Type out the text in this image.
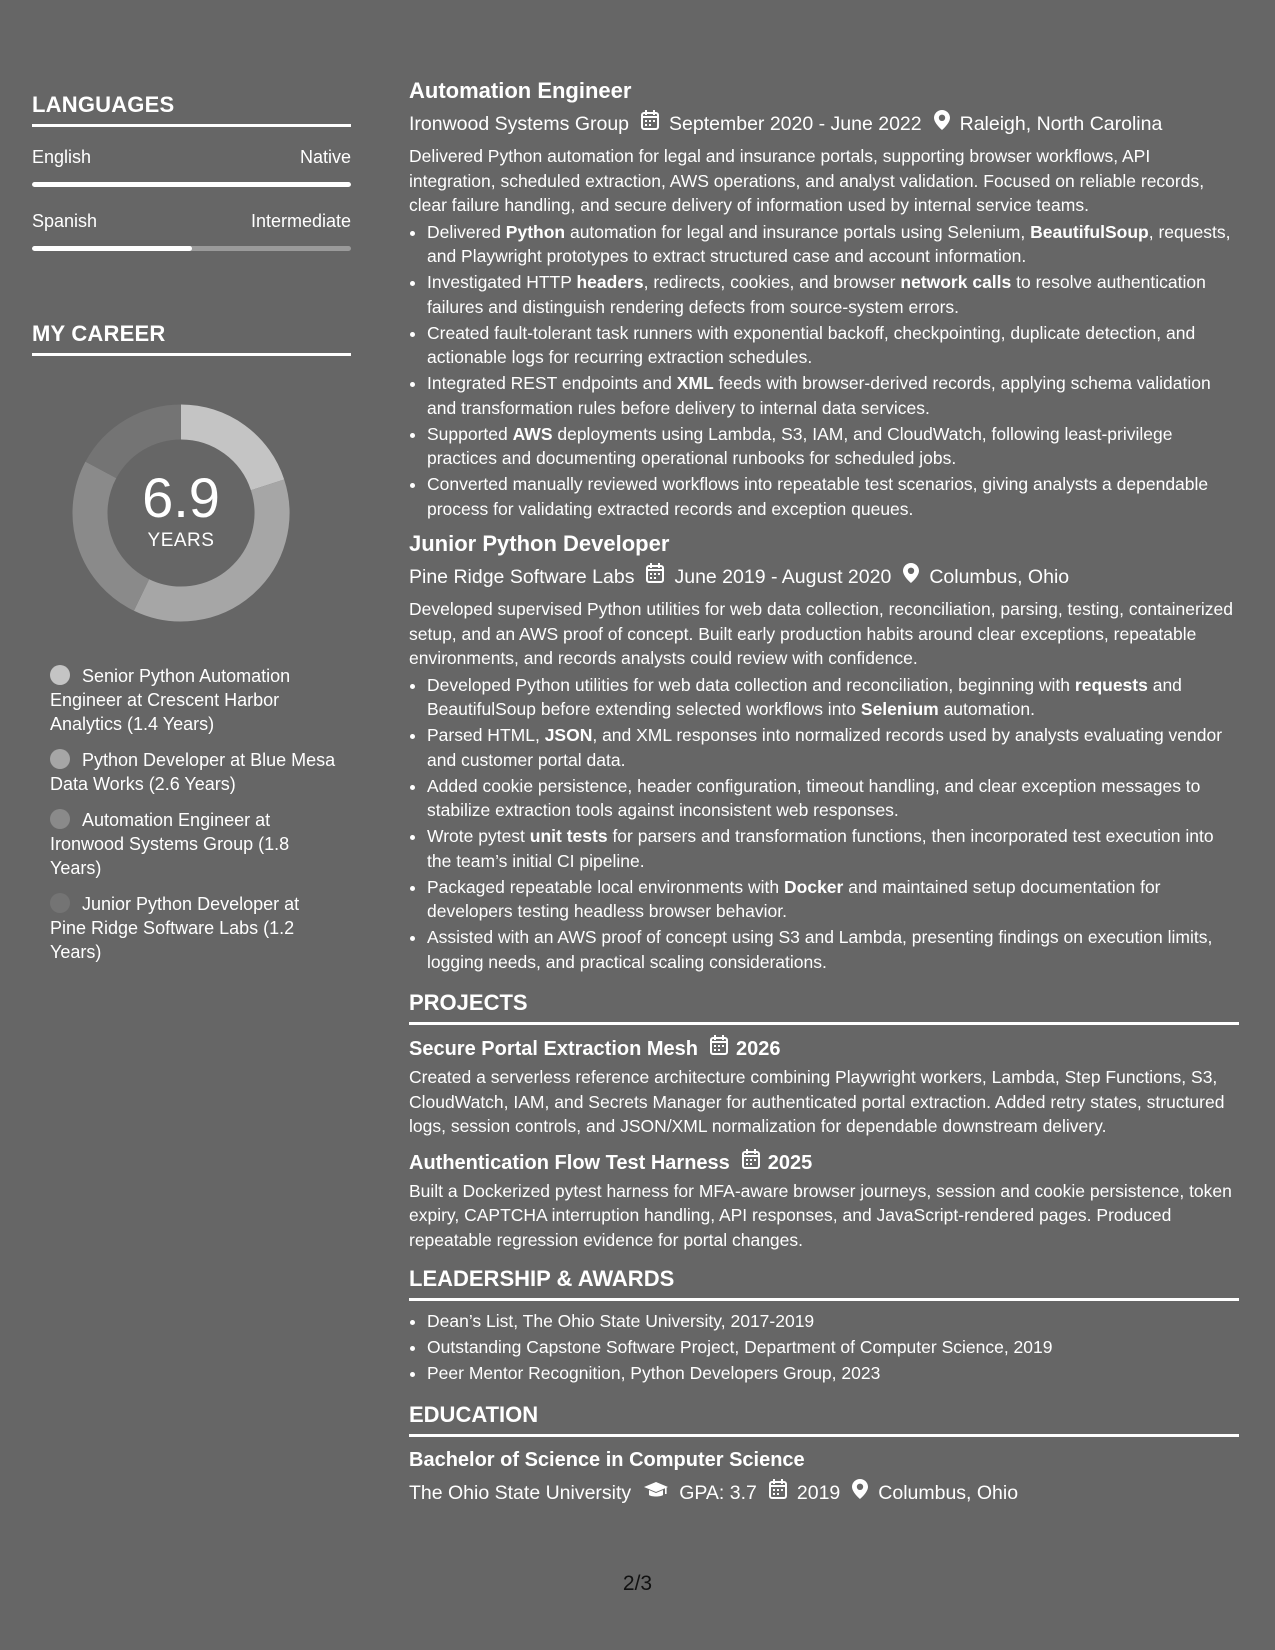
LANGUAGES
English	Native
Spanish	Intermediate
MY CAREER
6.9
YEARS
Senior Python Automation Engineer at Crescent Harbor Analytics (1.4 Years)
Python Developer at Blue Mesa Data Works (2.6 Years)
Automation Engineer at Ironwood Systems Group (1.8 Years)
Junior Python Developer at Pine Ridge Software Labs (1.2 Years)
Automation Engineer
Ironwood Systems Group September 2020 - June 2022 Raleigh, North Carolina

Delivered Python automation for legal and insurance portals, supporting browser workflows, API integration, scheduled extraction, AWS operations, and analyst validation. Focused on reliable records, clear failure handling, and secure delivery of information used by internal service teams.

• Delivered Python automation for legal and insurance portals using Selenium, BeautifulSoup, requests, and Playwright prototypes to extract structured case and account information.
• Investigated HTTP headers, redirects, cookies, and browser network calls to resolve authentication failures and distinguish rendering defects from source-system errors.
• Created fault-tolerant task runners with exponential backoff, checkpointing, duplicate detection, and actionable logs for recurring extraction schedules.
• Integrated REST endpoints and XML feeds with browser-derived records, applying schema validation and transformation rules before delivery to internal data services.
• Supported AWS deployments using Lambda, S3, IAM, and CloudWatch, following least-privilege practices and documenting operational runbooks for scheduled jobs.
• Converted manually reviewed workflows into repeatable test scenarios, giving analysts a dependable process for validating extracted records and exception queues.
Junior Python Developer
Pine Ridge Software Labs June 2019 - August 2020 Columbus, Ohio

Developed supervised Python utilities for web data collection, reconciliation, parsing, testing, containerized setup, and an AWS proof of concept. Built early production habits around clear exceptions, repeatable environments, and records analysts could review with confidence.

• Developed Python utilities for web data collection and reconciliation, beginning with requests and BeautifulSoup before extending selected workflows into Selenium automation.
• Parsed HTML, JSON, and XML responses into normalized records used by analysts evaluating vendor and customer portal data.
• Added cookie persistence, header configuration, timeout handling, and clear exception messages to stabilize extraction tools against inconsistent web responses.
• Wrote pytest unit tests for parsers and transformation functions, then incorporated test execution into the team’s initial CI pipeline.
• Packaged repeatable local environments with Docker and maintained setup documentation for developers testing headless browser behavior.
• Assisted with an AWS proof of concept using S3 and Lambda, presenting findings on execution limits, logging needs, and practical scaling considerations.
PROJECTS
Secure Portal Extraction Mesh 2026

Created a serverless reference architecture combining Playwright workers, Lambda, Step Functions, S3, CloudWatch, IAM, and Secrets Manager for authenticated portal extraction. Added retry states, structured logs, session controls, and JSON/XML normalization for dependable downstream delivery.

Authentication Flow Test Harness 2025

Built a Dockerized pytest harness for MFA-aware browser journeys, session and cookie persistence, token expiry, CAPTCHA interruption handling, API responses, and JavaScript-rendered pages. Produced repeatable regression evidence for portal changes.

LEADERSHIP & AWARDS
• Dean’s List, The Ohio State University, 2017-2019
• Outstanding Capstone Software Project, Department of Computer Science, 2019
• Peer Mentor Recognition, Python Developers Group, 2023
EDUCATION
Bachelor of Science in Computer Science
The Ohio State University GPA: 3.7 2019 Columbus, Ohio
2/3
